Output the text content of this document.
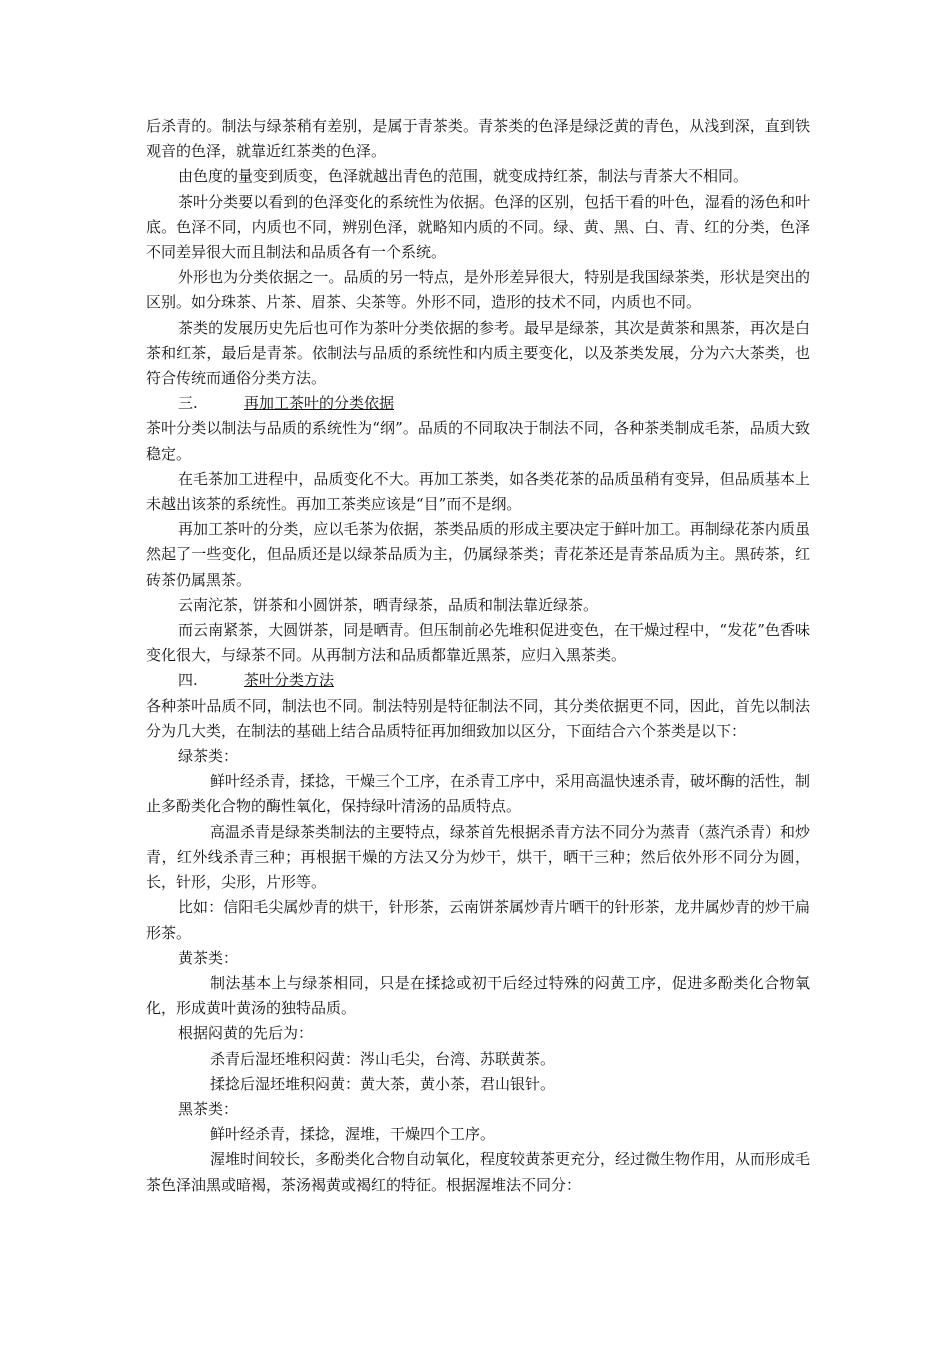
后杀青的。制法与绿茶稍有差别，是属于青茶类。青茶类的色泽是绿泛黄的青色，从浅到深，直到铁观音的色泽，就靠近红茶类的色泽。

由色度的量变到质变，色泽就越出青色的范围，就变成持红茶，制法与青茶大不相同。

茶叶分类要以看到的色泽变化的系统性为依据。色泽的区别，包括干看的叶色，湿看的汤色和叶底。色泽不同，内质也不同，辨别色泽，就略知内质的不同。绿、黄、黑、白、青、红的分类，色泽不同差异很大而且制法和品质各有一个系统。

外形也为分类依据之一。品质的另一特点，是外形差异很大，特别是我国绿茶类，形状是突出的区别。如分珠茶、片茶、眉茶、尖茶等。外形不同，造形的技术不同，内质也不同。

茶类的发展历史先后也可作为茶叶分类依据的参考。最早是绿茶，其次是黄茶和黑茶，再次是白茶和红茶，最后是青茶。依制法与品质的系统性和内质主要变化，以及茶类发展，分为六大茶类，也符合传统而通俗分类方法。

三.	再加工茶叶的分类依据

茶叶分类以制法与品质的系统性为“纲”。品质的不同取决于制法不同，各种茶类制成毛茶，品质大致稳定。

在毛茶加工进程中，品质变化不大。再加工茶类，如各类花茶的品质虽稍有变异，但品质基本上未越出该茶的系统性。再加工茶类应该是“目”而不是纲。

再加工茶叶的分类，应以毛茶为依据，茶类品质的形成主要决定于鲜叶加工。再制绿花茶内质虽然起了一些变化，但品质还是以绿茶品质为主，仍属绿茶类；青花茶还是青茶品质为主。黑砖茶，红砖茶仍属黑茶。

云南沱茶，饼茶和小圆饼茶，晒青绿茶，品质和制法靠近绿茶。

而云南紧茶，大圆饼茶，同是晒青。但压制前必先堆积促进变色，在干燥过程中，“发花”色香味变化很大，与绿茶不同。从再制方法和品质都靠近黑茶，应归入黑茶类。

四.	茶叶分类方法

各种茶叶品质不同，制法也不同。制法特别是特征制法不同，其分类依据更不同，因此，首先以制法分为几大类，在制法的基础上结合品质特征再加细致加以区分，下面结合六个茶类是以下：

绿茶类：

鲜叶经杀青，揉捻，干燥三个工序，在杀青工序中，采用高温快速杀青，破坏酶的活性，制止多酚类化合物的酶性氧化，保持绿叶清汤的品质特点。

高温杀青是绿茶类制法的主要特点，绿茶首先根据杀青方法不同分为蒸青（蒸汽杀青）和炒青，红外线杀青三种；再根据干燥的方法又分为炒干，烘干，晒干三种；然后依外形不同分为圆，长，针形，尖形，片形等。

比如：信阳毛尖属炒青的烘干，针形茶，云南饼茶属炒青片晒干的针形茶，龙井属炒青的炒干扁形茶。

黄茶类：

制法基本上与绿茶相同，只是在揉捻或初干后经过特殊的闷黄工序，促进多酚类化合物氧化，形成黄叶黄汤的独特品质。

根据闷黄的先后为：

杀青后湿坯堆积闷黄：涔山毛尖，台湾、苏联黄茶。

揉捻后湿坯堆积闷黄：黄大茶，黄小茶，君山银针。

黑茶类：

鲜叶经杀青，揉捻，渥堆，干燥四个工序。

渥堆时间较长，多酚类化合物自动氧化，程度较黄茶更充分，经过微生物作用，从而形成毛茶色泽油黑或暗褐，茶汤褐黄或褐红的特征。根据渥堆法不同分：
